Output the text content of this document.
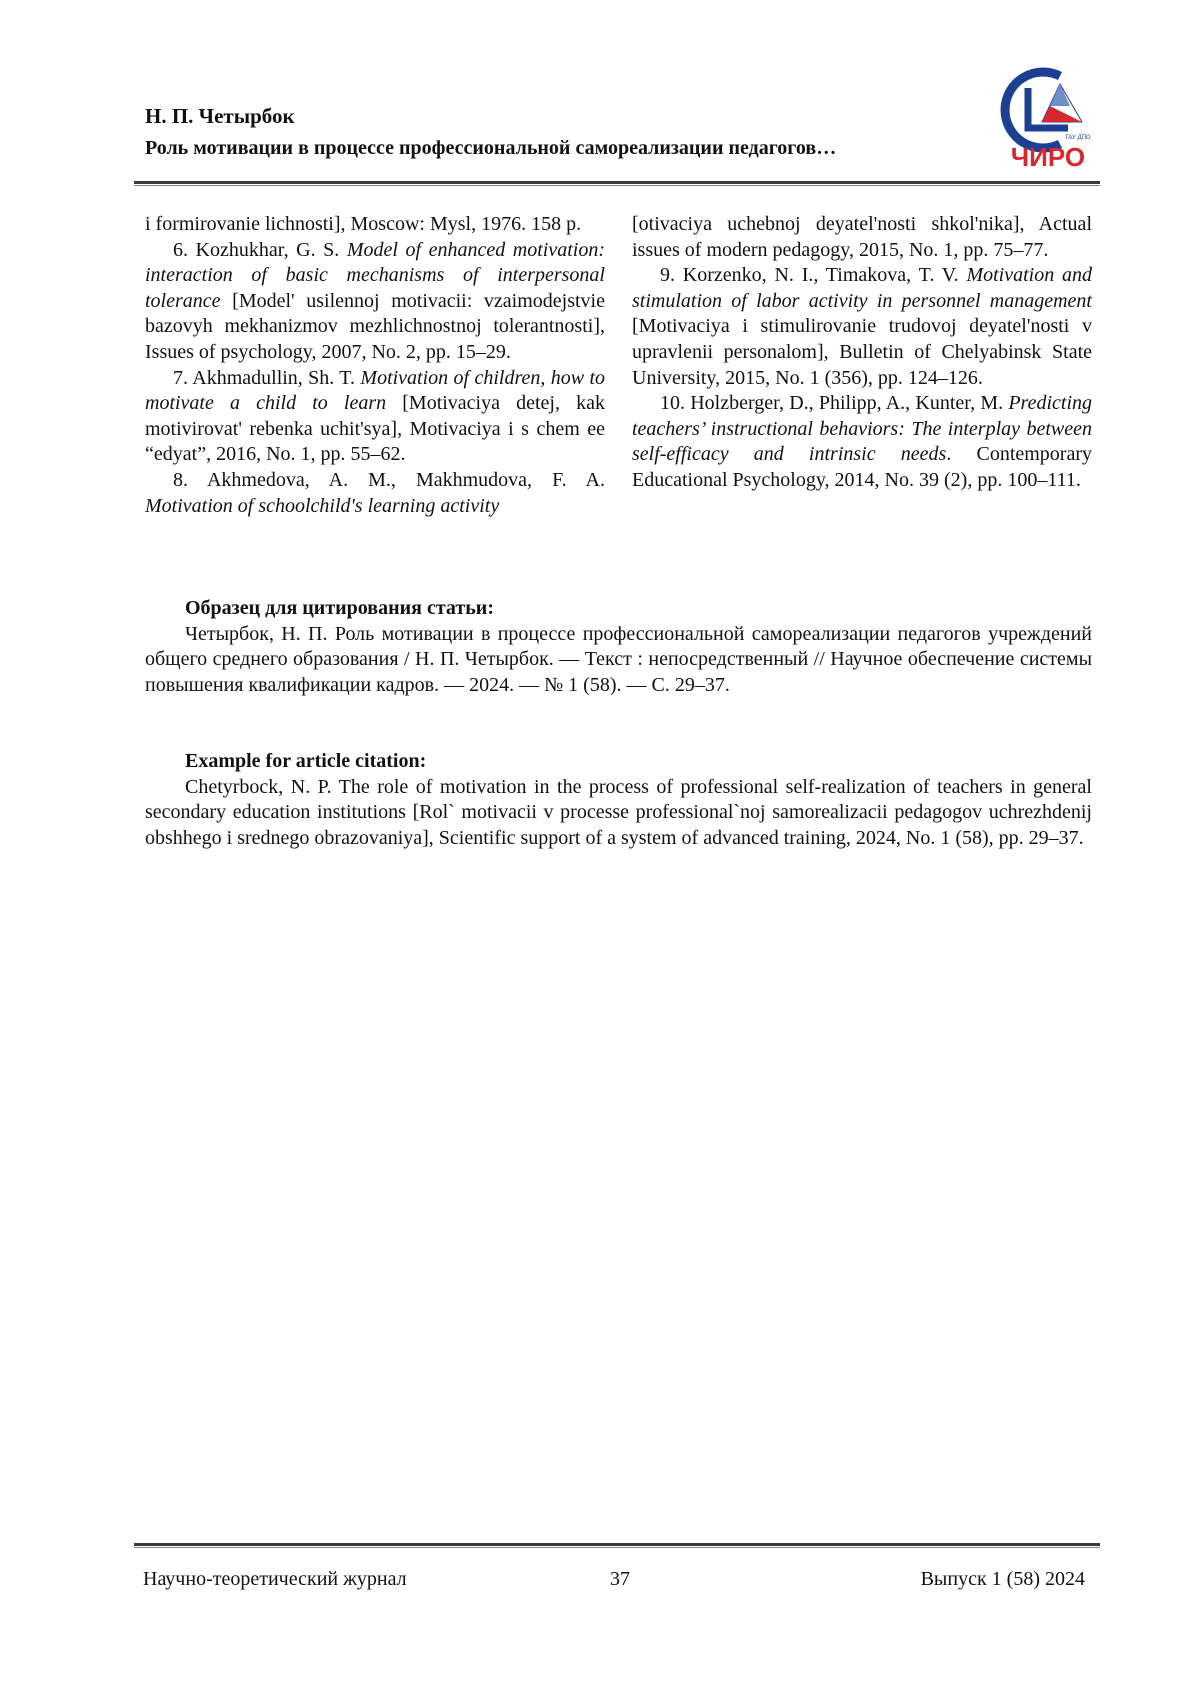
Н. П. Четырбок
Роль мотивации в процессе профессиональной самореализации педагогов…	ГАУ ДПО
ЧИРО

i formirovanie lichnosti], Moscow: Mysl, 1976. 158 p.

6. Kozhukhar, G. S. Model of enhanced motivation: interaction of basic mechanisms of interpersonal tolerance [Model' usilennoj motivacii: vzaimodejstvie bazovyh mekhanizmov mezhlichnostnoj tolerantnosti], Issues of psychology, 2007, No. 2, pp. 15–29.

7. Akhmadullin, Sh. T. Motivation of children, how to motivate a child to learn [Motivaciya detej, kak motivirovat' rebenka uchit'sya], Motivaciya i s chem ee “edyat”, 2016, No. 1, pp. 55–62.

8. Akhmedova, A. M., Makhmudova, F. A. Motivation of schoolchild's learning activity

[otivaciya uchebnoj deyatel'nosti shkol'nika], Actual issues of modern pedagogy, 2015, No. 1, pp. 75–77.

9. Korzenko, N. I., Timakova, T. V. Motivation and stimulation of labor activity in personnel management [Motivaciya i stimulirovanie trudovoj deyatel'nosti v upravlenii personalom], Bulletin of Chelyabinsk State University, 2015, No. 1 (356), pp. 124–126.

10. Holzberger, D., Philipp, A., Kunter, M. Predicting teachers’ instructional behaviors: The interplay between self-efficacy and intrinsic needs. Contemporary Educational Psychology, 2014, No. 39 (2), pp. 100–111.

Образец для цитирования статьи:

Четырбок, Н. П. Роль мотивации в процессе профессиональной самореализации педагогов учреждений общего среднего образования / Н. П. Четырбок. — Текст : непосредственный // Научное обеспечение системы повышения квалификации кадров. — 2024. — № 1 (58). — С. 29–37.

Example for article citation:

Chetyrbock, N. P. The role of motivation in the process of professional self-realization of teachers in general secondary education institutions [Rol` motivacii v processe professional`noj samorealizacii pedagogov uchrezhdenij obshhego i srednego obrazovaniya], Scientific support of a system of advanced training, 2024, No. 1 (58), pp. 29–37.

Научно-теоретический журнал	37	Выпуск 1 (58) 2024
